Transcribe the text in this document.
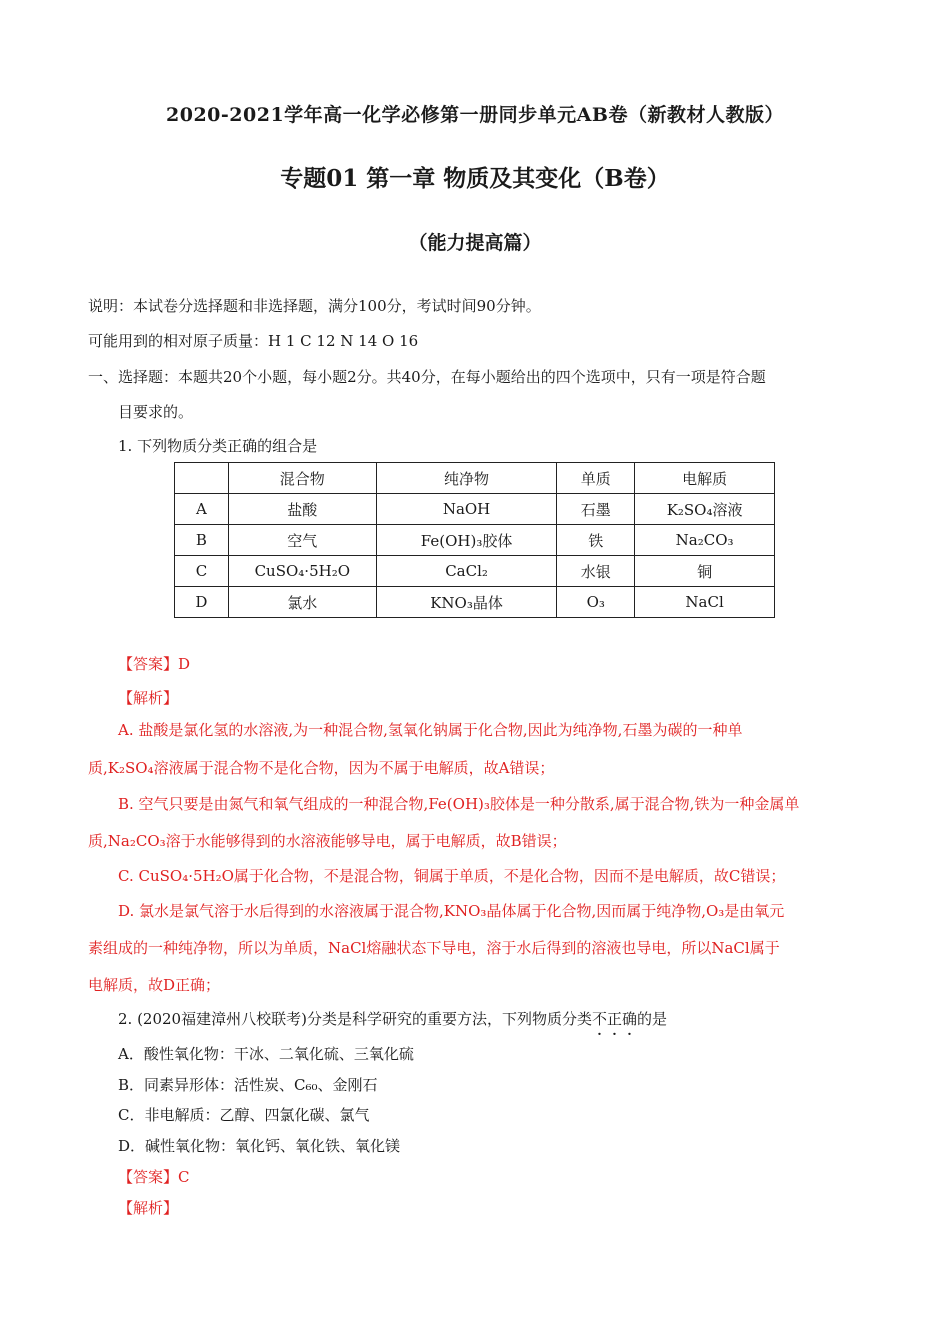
2020-2021学年高一化学必修第一册同步单元AB卷（新教材人教版）
专题01 第一章 物质及其变化（B卷）
（能力提高篇）
说明：本试卷分选择题和非选择题，满分100分，考试时间90分钟。
可能用到的相对原子质量：H 1 C 12 N 14 O 16
一、选择题：本题共20个小题，每小题2分。共40分，在每小题给出的四个选项中，只有一项是符合题
目要求的。
1. 下列物质分类正确的组合是
	混合物	纯净物	单质	电解质
A	盐酸	NaOH	石墨	K₂SO₄溶液
B	空气	Fe(OH)₃胶体	铁	Na₂CO₃
C	CuSO₄·5H₂O	CaCl₂	水银	铜
D	氯水	KNO₃晶体	O₃	NaCl
【答案】D
【解析】
A. 盐酸是氯化氢的水溶液,为一种混合物,氢氧化钠属于化合物,因此为纯净物,石墨为碳的一种单
质,K₂SO₄溶液属于混合物不是化合物，因为不属于电解质，故A错误；
B. 空气只要是由氮气和氧气组成的一种混合物,Fe(OH)₃胶体是一种分散系,属于混合物,铁为一种金属单
质,Na₂CO₃溶于水能够得到的水溶液能够导电，属于电解质，故B错误；
C. CuSO₄·5H₂O属于化合物，不是混合物，铜属于单质，不是化合物，因而不是电解质，故C错误；
D. 氯水是氯气溶于水后得到的水溶液属于混合物,KNO₃晶体属于化合物,因而属于纯净物,O₃是由氧元
素组成的一种纯净物，所以为单质，NaCl熔融状态下导电，溶于水后得到的溶液也导电，所以NaCl属于
电解质，故D正确；
2. (2020福建漳州八校联考)分类是科学研究的重要方法，下列物质分类不正确的是
A．酸性氧化物：干冰、二氧化硫、三氧化硫
B．同素异形体：活性炭、C₆₀、金刚石
C．非电解质：乙醇、四氯化碳、氯气
D．碱性氧化物：氧化钙、氧化铁、氧化镁
【答案】C
【解析】
